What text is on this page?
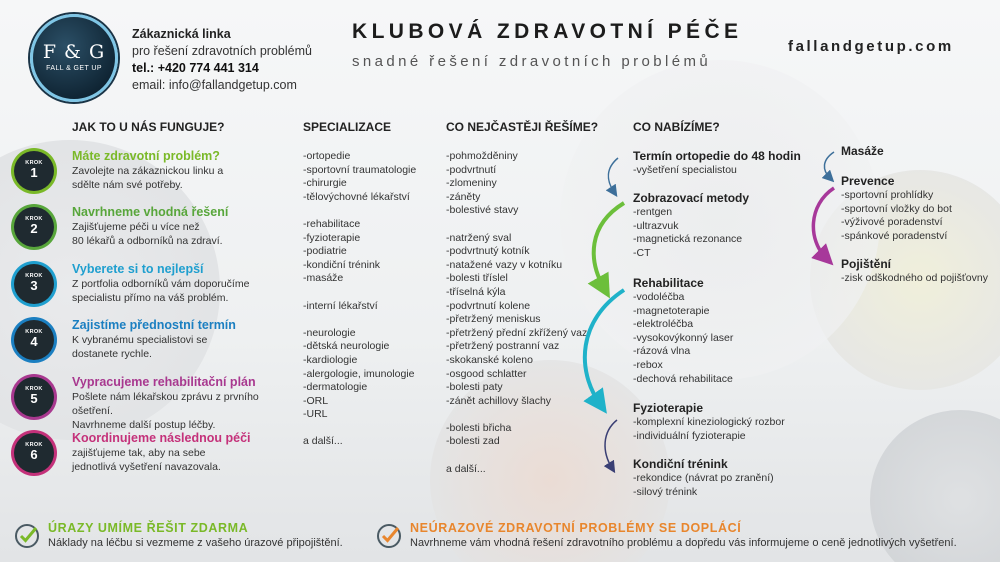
F & G
FALL & GET UP
Zákaznická linka
pro řešení zdravotních problémů
tel.: +420 774 441 314
email: info@fallandgetup.com
KLUBOVÁ ZDRAVOTNÍ PÉČE
snadné řešení zdravotních problémů
fallandgetup.com
JAK TO U NÁS FUNGUJE?	SPECIALIZACE	CO NEJČASTĚJI ŘEŠÍME?	CO NABÍZÍME?
KROK
1
Máte zdravotní problém?
Zavolejte na zákaznickou linku a
sdělte nám své potřeby.
KROK
2
Navrhneme vhodná řešení
Zajišťujeme péči u více než
80 lékařů a odborníků na zdraví.
KROK
3
Vyberete si to nejlepší
Z portfolia odborníků vám doporučíme
specialistu přímo na váš problém.
KROK
4
Zajistíme přednostní termín
K vybranému specialistovi se
dostanete rychle.
KROK
5
Vypracujeme rehabilitační plán
Pošlete nám lékařskou zprávu z prvního ošetření.
Navrhneme další postup léčby.
KROK
6
Koordinujeme následnou péči
zajišťujeme tak, aby na sebe
jednotlivá vyšetření navazovala.
-ortopedie
-sportovní traumatologie
-chirurgie
-tělovýchovné lékařství
-rehabilitace
-fyzioterapie
-podiatrie
-kondiční trénink
-masáže
-interní lékařství
-neurologie
-dětská neurologie
-kardiologie
-alergologie, imunologie
-dermatologie
-ORL
-URL
a další...
-pohmožděniny
-podvrtnutí
-zlomeniny
-záněty
-bolestivé stavy
-natržený sval
-podvrtnutý kotník
-natažené vazy v kotníku
-bolesti tříslel
-tříselná kýla
-podvrtnutí kolene
-přetržený meniskus
-přetržený přední zkřížený vaz
-přetržený postranní vaz
-skokanské koleno
-osgood schlatter
-bolesti paty
-zánět achillovy šlachy
-bolesti břicha
-bolesti zad
a další...
Termín ortopedie do 48 hodin
-vyšetření specialistou
Zobrazovací metody
-rentgen
-ultrazvuk
-magnetická rezonance
-CT
Rehabilitace
-vodoléčba
-magnetoterapie
-elektroléčba
-vysokovýkonný laser
-rázová vlna
-rebox
-dechová rehabilitace
Fyzioterapie
-komplexní kineziologický rozbor
-individuální fyzioterapie
Kondiční trénink
-rekondice (návrat po zranění)
-silový trénink
Masáže
Prevence
-sportovní prohlídky
-sportovní vložky do bot
-výživové poradenství
-spánkové poradenství
Pojištění
-zisk odškodného od pojišťovny
ÚRAZY UMÍME ŘEŠIT ZDARMA
Náklady na léčbu si vezmeme z vašeho úrazové připojištění.
NEÚRAZOVÉ ZDRAVOTNÍ PROBLÉMY SE DOPLÁCÍ
Navrhneme vám vhodná řešení zdravotního problému a dopředu vás informujeme o ceně jednotlivých vyšetření.
